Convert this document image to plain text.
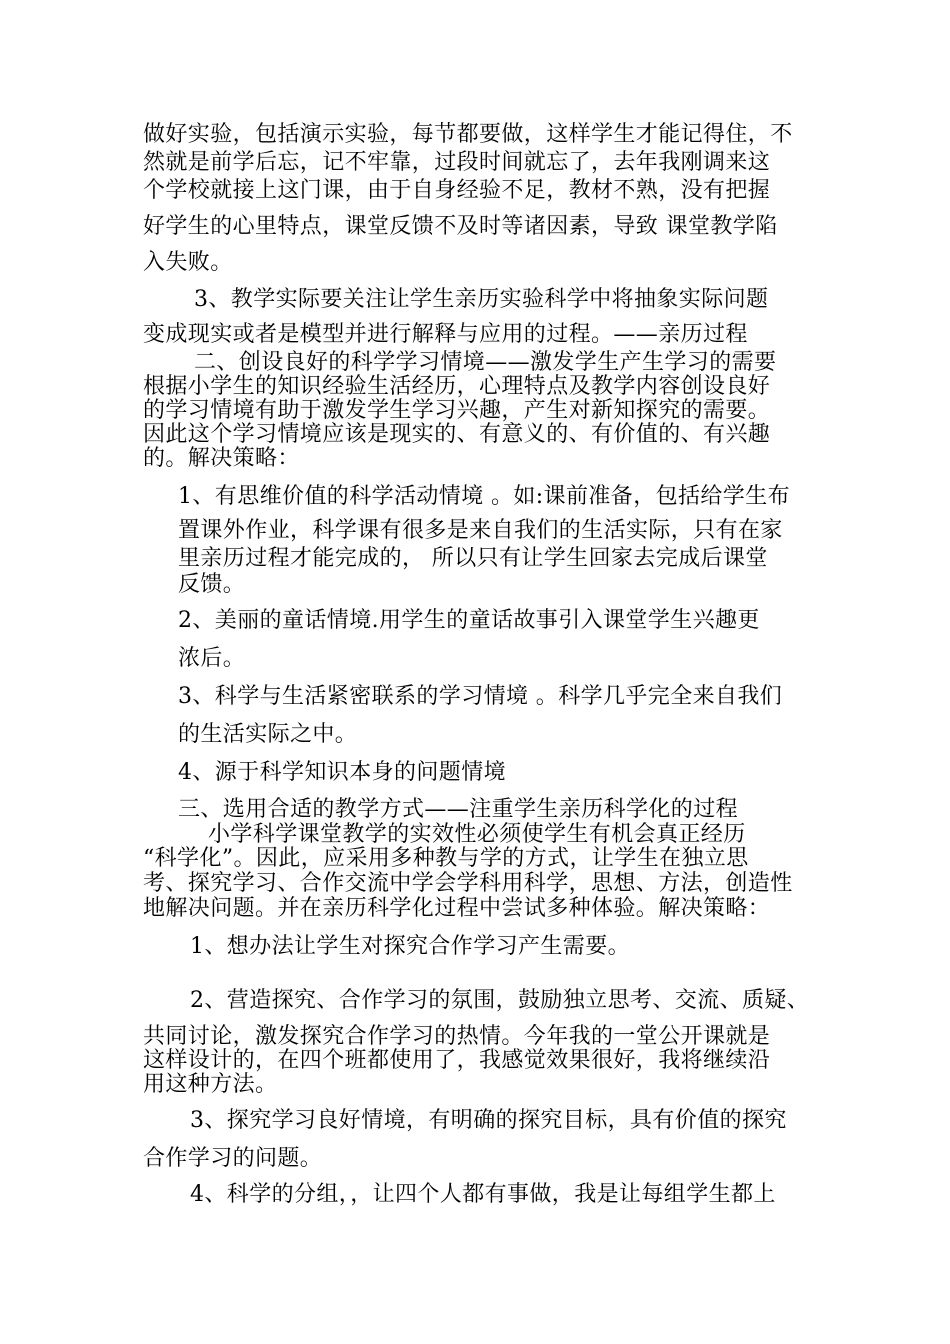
做好实验，包括演示实验，每节都要做，这样学生才能记得住，不
然就是前学后忘，记不牢靠，过段时间就忘了，去年我刚调来这
个学校就接上这门课，由于自身经验不足，教材不熟，没有把握
好学生的心里特点，课堂反馈不及时等诸因素，导致 课堂教学陷
入失败。
3、教学实际要关注让学生亲历实验科学中将抽象实际问题
变成现实或者是模型并进行解释与应用的过程。——亲历过程
二、创设良好的科学学习情境——激发学生产生学习的需要
根据小学生的知识经验生活经历，心理特点及教学内容创设良好
的学习情境有助于激发学生学习兴趣，产生对新知探究的需要。
因此这个学习情境应该是现实的、有意义的、有价值的、有兴趣
的。解决策略：
1、有思维价值的科学活动情境 。如:课前准备，包括给学生布
置课外作业，科学课有很多是来自我们的生活实际，只有在家
里亲历过程才能完成的， 所以只有让学生回家去完成后课堂
反馈。
2、美丽的童话情境.用学生的童话故事引入课堂学生兴趣更
浓后。
3、科学与生活紧密联系的学习情境 。科学几乎完全来自我们
的生活实际之中。
4、源于科学知识本身的问题情境
三、选用合适的教学方式——注重学生亲历科学化的过程
小学科学课堂教学的实效性必须使学生有机会真正经历
“科学化”。因此，应采用多种教与学的方式，让学生在独立思
考、探究学习、合作交流中学会学科用科学，思想、方法，创造性
地解决问题。并在亲历科学化过程中尝试多种体验。解决策略：
1、想办法让学生对探究合作学习产生需要。
2、营造探究、合作学习的氛围，鼓励独立思考、交流、质疑、
共同讨论，激发探究合作学习的热情。今年我的一堂公开课就是
这样设计的，在四个班都使用了，我感觉效果很好，我将继续沿
用这种方法。
3、探究学习良好情境，有明确的探究目标，具有价值的探究
合作学习的问题。
4、科学的分组，，让四个人都有事做，我是让每组学生都上
